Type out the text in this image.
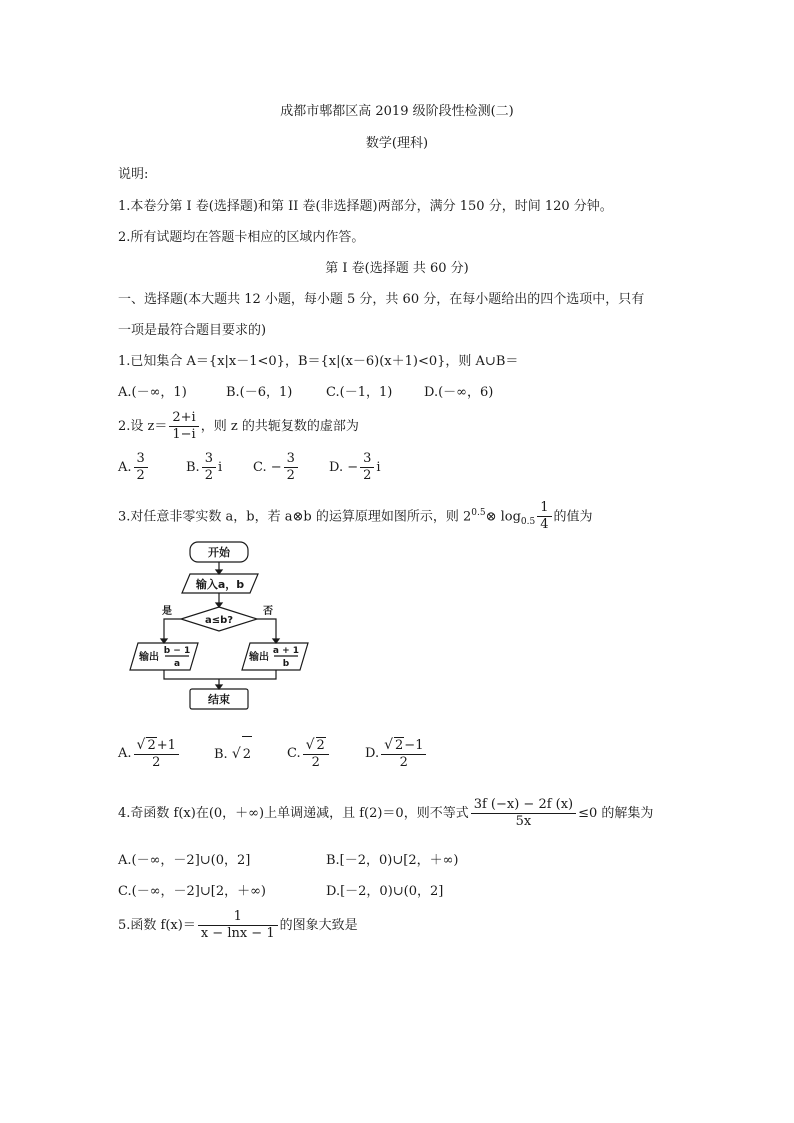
成都市郫都区高 2019 级阶段性检测(二)
数学(理科)
说明:
1.本卷分第 I 卷(选择题)和第 II 卷(非选择题)两部分，满分 150 分，时间 120 分钟。
2.所有试题均在答题卡相应的区域内作答。
第 I 卷(选择题 共 60 分)
一、选择题(本大题共 12 小题，每小题 5 分，共 60 分，在每小题给出的四个选项中，只有
一项是最符合题目要求的)
1.已知集合 A＝{x|x－1<0}，B＝{x|(x－6)(x＋1)<0}，则 A∪B＝
A.(－∞，1)	B.(－6，1)	C.(－1，1) D.(－∞，6)
2.设 $z= \frac{2+i}{1-i}$ ，则 z 的共轭复数的虚部为
A. $\frac{3}{2}$	B. $\frac{3}{2}$ i C. − $\frac{3}{2} D$. − $\frac{3}{2}$ i
3.对任意非零实数 a，b，若 a⊗b 的运算原理如图所示，则 $2^{0.5}\otimes$ $\log_{0.5} \frac{1}{4}$ 的值为
开始
输入a，b
a≤b?
是	否
输出
b − 1
a
输出
a + 1
b
结束
A. $\frac{√ 2+1}{2}$	B. √ 2	C. $\frac{√ 2}{2}$	D. $\frac{√ 2-1}{2}$
4.奇函数 f(x)在(0，＋∞)上单调递减，且 f(2)＝0，则不等式 $\frac{3f (-x) - 2f (x)}{5x} \le 0$ 的解集为
A.(－∞，－2]∪(0，2]	B.[－2，0)∪[2，＋∞)
C.(－∞，－2]∪[2，＋∞)	D.[－2，0)∪(0，2]
5.函数 $f(x)= \frac{1}{x - \ln x - 1}$ 的图象大致是
